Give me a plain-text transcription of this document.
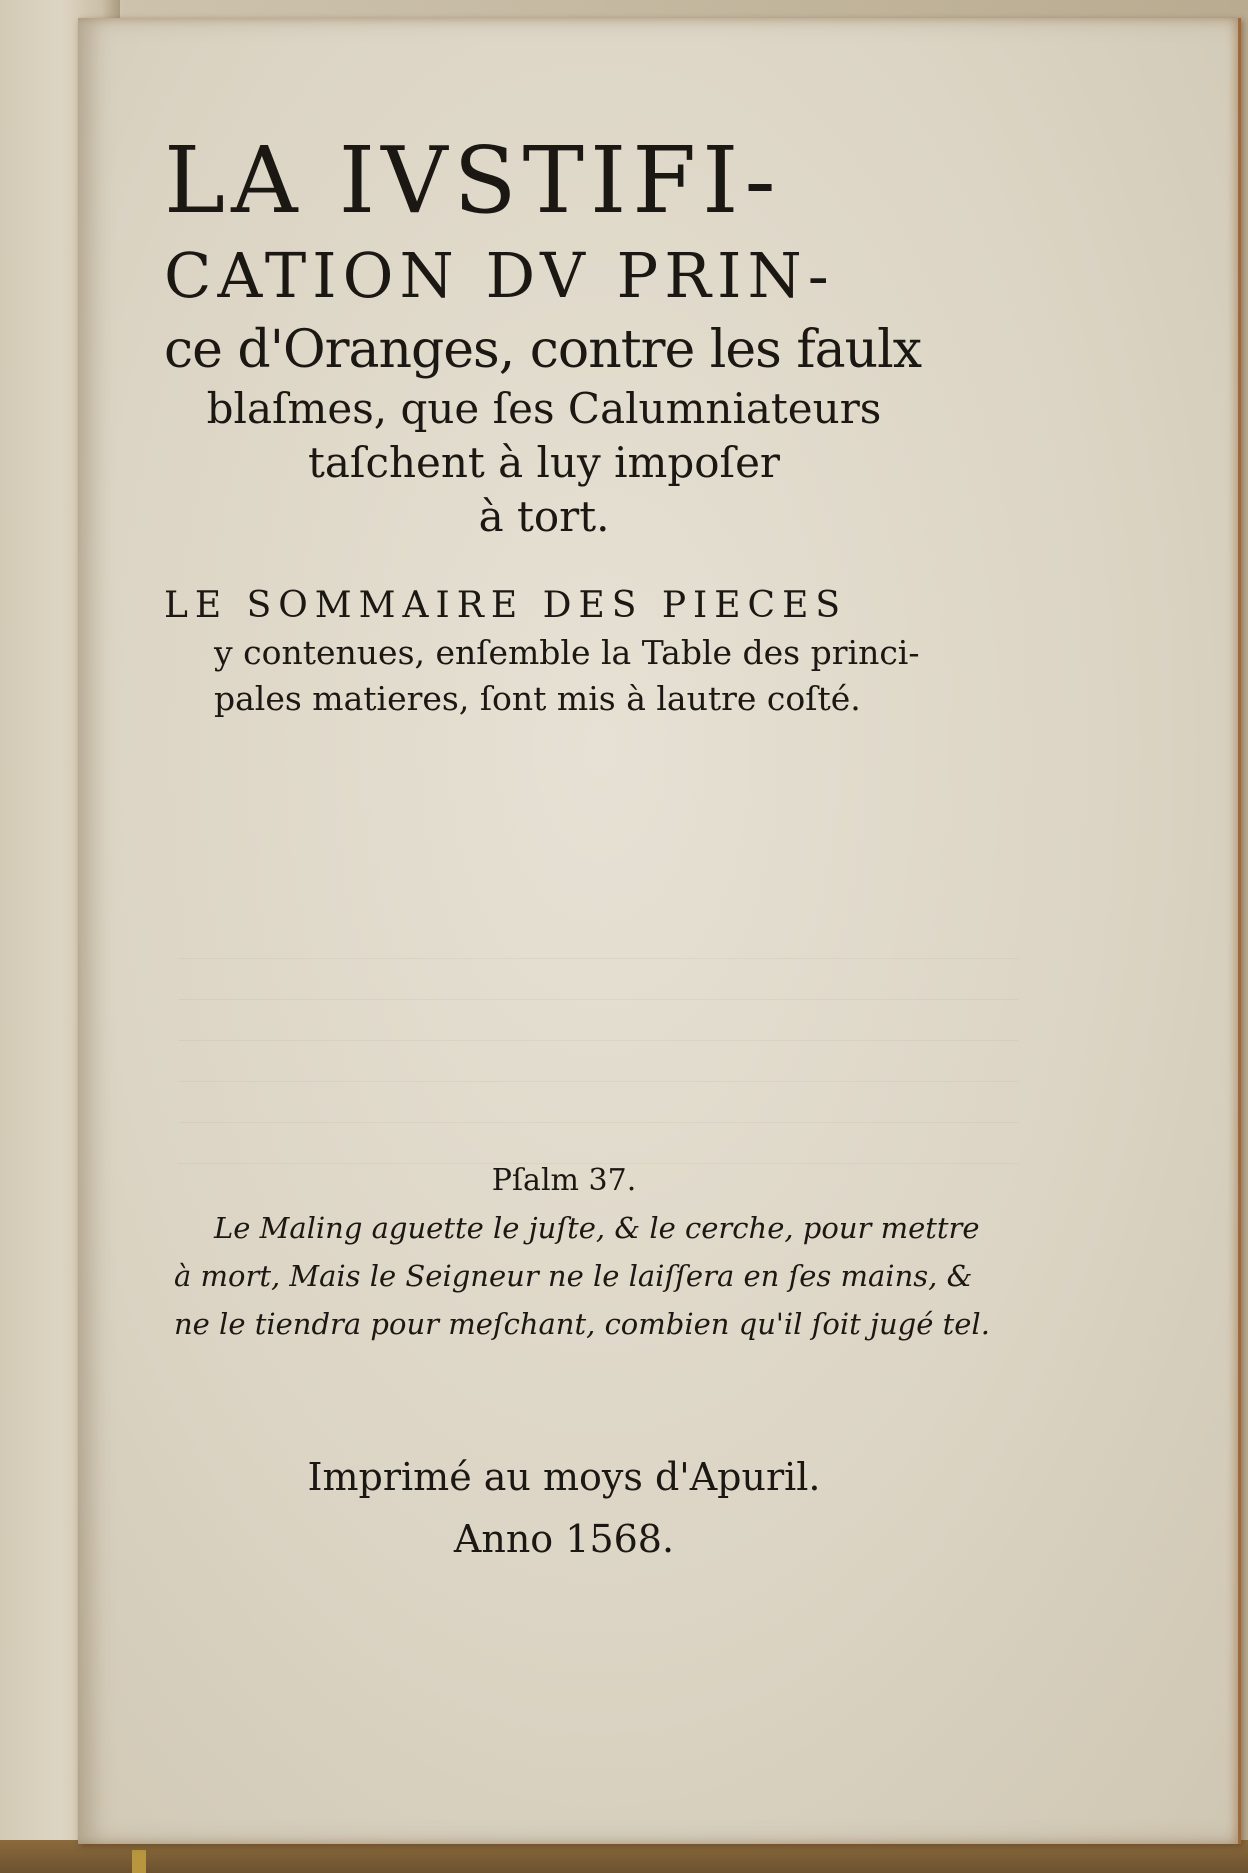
LA IVSTIFI-

CATION DV PRIN-

ce d'Oranges, contre les faulx

blaſmes, que ſes Calumniateurs

taſchent à luy impoſer

à tort.

LE SOMMAIRE DES PIECES

y contenues, enſemble la Table des princi-

pales matieres, ſont mis à lautre coſté.

Pſalm 37.

Le Maling aguette le juſte, & le cerche, pour mettre

à mort, Mais le Seigneur ne le laiſſera en ſes mains, &

ne le tiendra pour meſchant, combien qu'il ſoit jugé tel.

Imprimé au moys d'Apuril.

Anno 1568.
